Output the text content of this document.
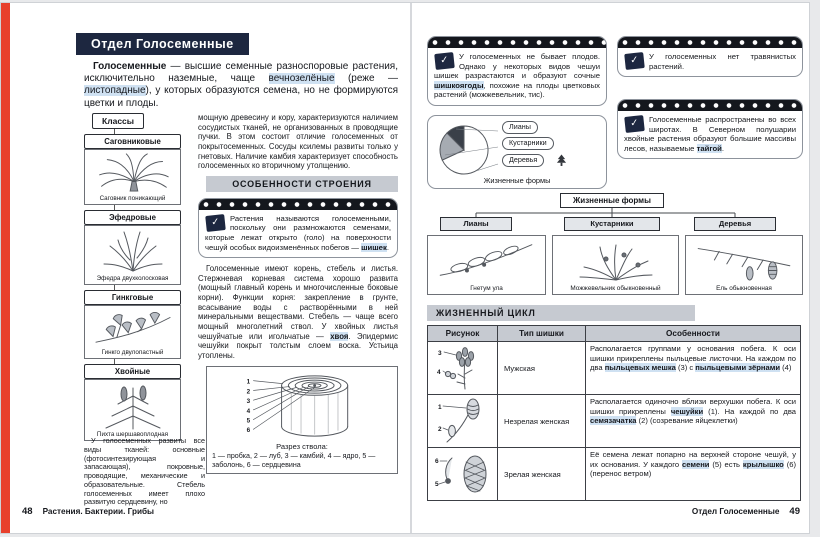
Отдел Голосеменные

Голосеменные — высшие семенные разноспоровые растения, исключительно наземные, чаще вечнозелёные (реже — листопадные), у которых образуются семена, но не формируются цветки и плоды.

Классы
Саговниковые
Саговник поникающий
Эфедровые
Эфедра двухколосковая
Гинкговые
Гинкго двулопастный
Хвойные
Пихта шершавоплодная

мощную древесину и кору, характеризуются наличием сосудистых тканей, не организованных в проводящие пучки. В этом состоит отличие голосеменных от покрытосеменных. Сосуды ксилемы развиты только у гнетовых. Наличие камбия характеризует способность голосеменных ко вторичному утолщению.

ОСОБЕННОСТИ СТРОЕНИЯ
✓	Растения называются голосеменными, поскольку они размножаются семенами, которые лежат открыто (голо) на поверхности чешуй особых видоизменённых побегов — шишек.

Голосеменные имеют корень, стебель и листья. Стержневая корневая система хорошо развита (мощный главный корень и многочисленные боковые корни). Функции корня: закрепление в грунте, всасывание воды с растворёнными в ней минеральными веществами. Стебель — чаще всего мощный многолетний ствол. У хвойных листья чешуйчатые или игольчатые — хвоя. Эпидермис чешуйки покрыт толстым слоем воска. Устьица утоплены.

1
2
3
4
5
6
Разрез ствола:
1 — пробка, 2 — луб, 3 — камбий, 4 — ядро, 5 — заболонь, 6 — сердцевина

У голосеменных развиты все виды тканей: основные (фотосинтезирующая и запасающая), покровные, проводящие, механические и образовательные. Стебель голосеменных имеет плохо развитую сердцевину, но

48 Растения. Бактерии. Грибы
✓	У голосеменных не бывает плодов. Однако у некоторых видов чешуи шишек разрастаются и образуют сочные шишкоягоды, похожие на плоды цветковых растений (можжевельник, тис).
✓	У голосеменных нет травянистых растений.
✓	Голосеменные распространены во всех широтах. В Северном полушарии хвойные растения образуют большие массивы лесов, называемые тайгой.
Лианы
Кустарники
Деревья
Жизненные формы
Жизненные формы
Лианы	Кустарники	Деревья
Гнетум ула	Можжевельник обыкновенный	Ель обыкновенная
ЖИЗНЕННЫЙ ЦИКЛ
Рисунок	Тип шишки	Особенности

3
4	Мужская	Располагается группами у основания побега. К оси шишки прикреплены пыльцевые листочки. На каждом по два пыльцевых мешка (3) с пыльцевыми зёрнами (4)

1
2	Незрелая женская	Располагается одиночно вблизи верхушки побега. К оси шишки прикреплены чешуйки (1). На каждой по два семязачатка (2) (созревание яйцеклетки)

5
6	Зрелая женская	Её семена лежат попарно на верхней стороне чешуй, у их основания. У каждого семени (5) есть крылышко (6) (перенос ветром)
Отдел Голосеменные 49
